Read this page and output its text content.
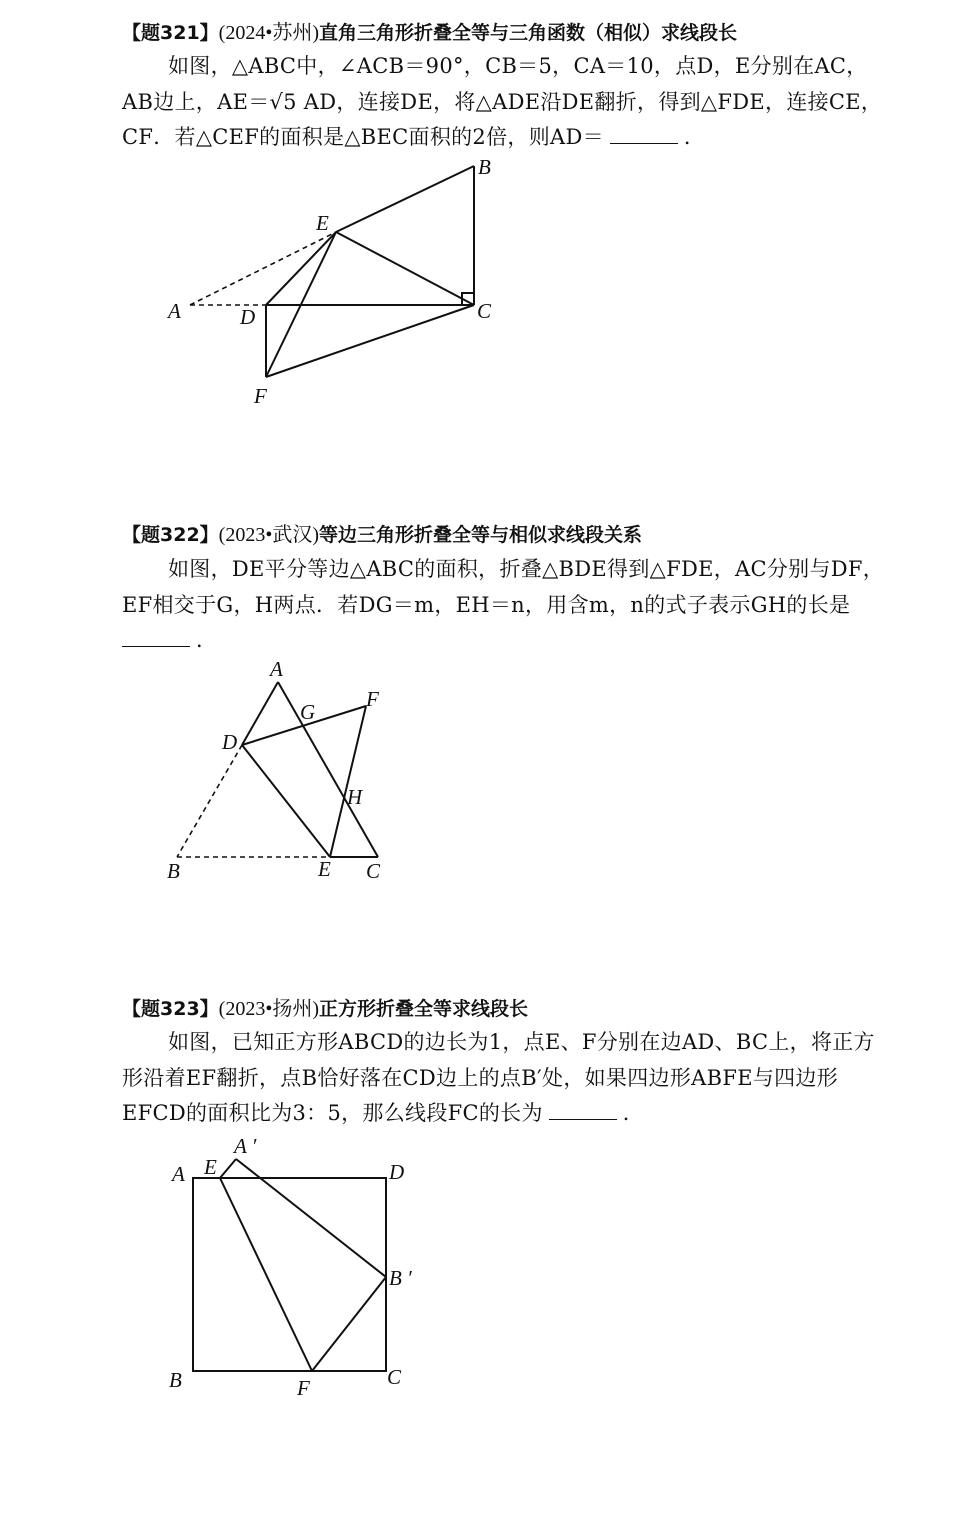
【题321】(2024•苏州)直角三角形折叠全等与三角函数（相似）求线段长
如图，△ABC中，∠ACB＝90°，CB＝5，CA＝10，点D，E分别在AC，
AB边上，AE＝√5 AD，连接DE，将△ADE沿DE翻折，得到△FDE，连接CE，
CF．若△CEF的面积是△BEC面积的2倍，则AD＝	．
A
B
C
D
E
F
【题322】(2023•武汉)等边三角形折叠全等与相似求线段关系
如图，DE平分等边△ABC的面积，折叠△BDE得到△FDE，AC分别与DF，
EF相交于G，H两点．若DG＝m，EH＝n，用含m，n的式子表示GH的长是
．
A
B	C
D
E
F
G
H
【题323】(2023•扬州)正方形折叠全等求线段长
如图，已知正方形ABCD的边长为1，点E、F分别在边AD、BC上，将正方
形沿着EF翻折，点B恰好落在CD边上的点B′处，如果四边形ABFE与四边形
EFCD的面积比为3：5，那么线段FC的长为	．
A
A ′
E	D
B ′
B	F	C
